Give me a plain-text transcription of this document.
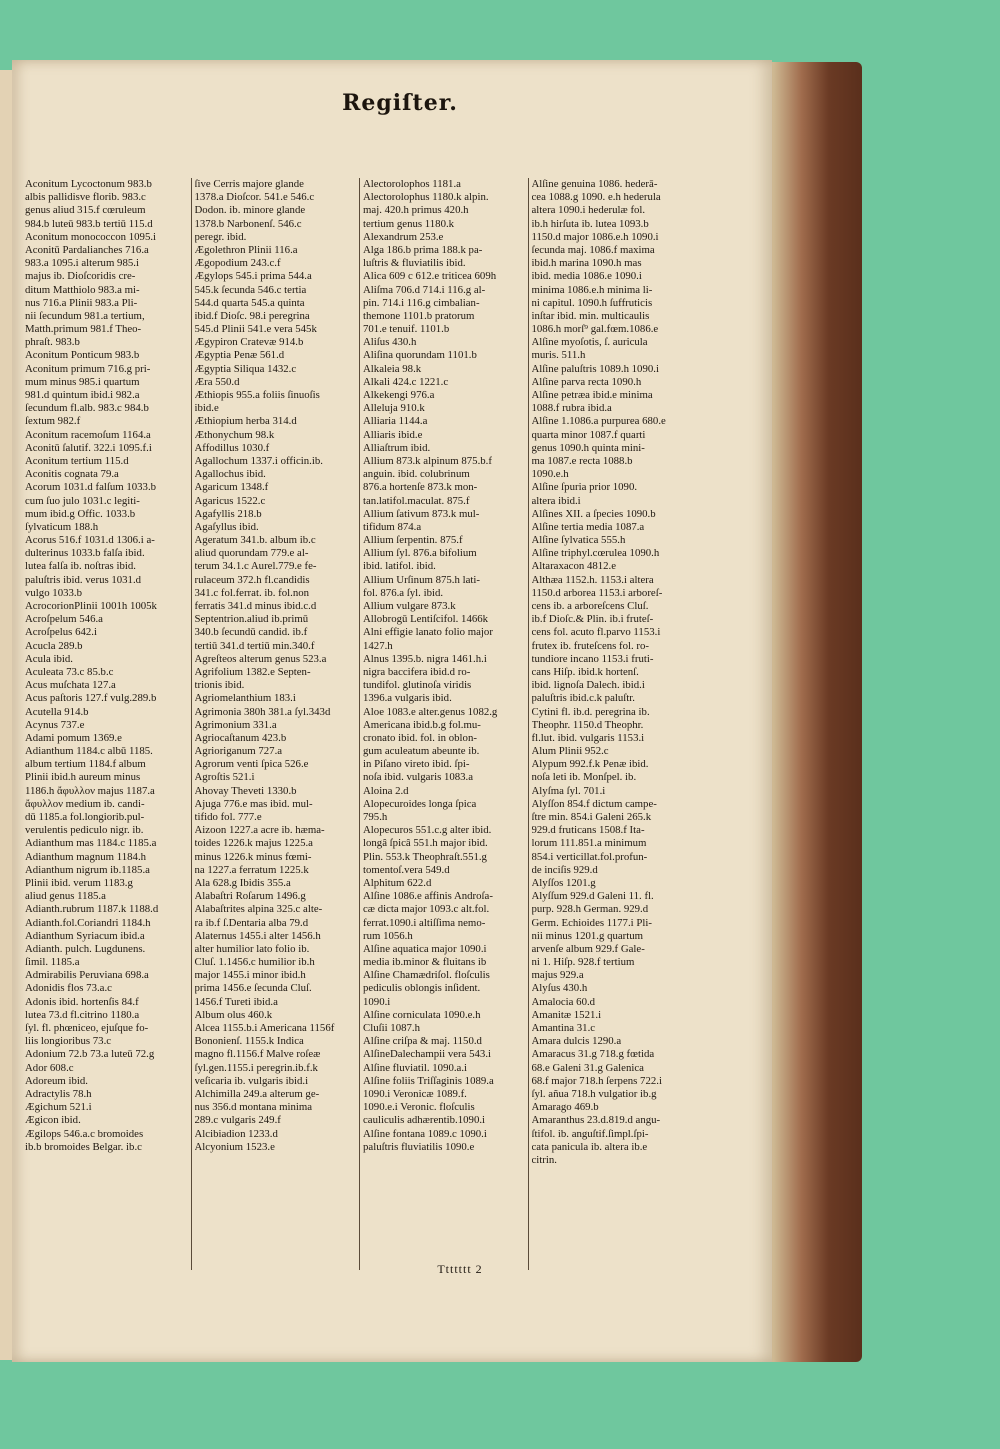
Regiſter.
Aconitum Lycoctonum 983.b
albis pallidisve florib. 983.c
genus aliud 315.f cœruleum
984.b luteū 983.b tertiū 115.d
Aconitum monococcon 1095.i
Aconitū Pardalianches 716.a
983.a 1095.i alterum 985.i
majus ib. Dioſcoridis cre-
ditum Matthiolo 983.a mi-
nus 716.a Plinii 983.a Pli-
nii ſecundum 981.a tertium,
Matth.primum 981.f Theo-
phraſt. 983.b
Aconitum Ponticum 983.b
Aconitum primum 716.g pri-
mum minus 985.i quartum
981.d quintum ibid.i 982.a
ſecundum fl.alb. 983.c 984.b
ſextum 982.f
Aconitum racemoſum 1164.a
Aconitū ſalutif. 322.i 1095.f.i
Aconitum tertium 115.d
Aconitis cognata 79.a
Acorum 1031.d falſum 1033.b
cum ſuo julo 1031.c legiti-
mum ibid.g Offic. 1033.b
ſylvaticum 188.h
Acorus 516.f 1031.d 1306.i a-
dulterinus 1033.b falſa ibid.
lutea falſa ib. noſtras ibid.
paluſtris ibid. verus 1031.d
vulgo 1033.b
AcrocorionPlinii 1001h 1005k
Acroſpelum 546.a
Acroſpelus 642.i
Acucla 289.b
Acula ibid.
Aculeata 73.c 85.b.c
Acus muſchata 127.a
Acus paſtoris 127.f vulg.289.b
Acutella 914.b
Acynus 737.e
Adami pomum 1369.e
Adianthum 1184.c albū 1185.
album tertium 1184.f album
Plinii ibid.h aureum minus
1186.h ἄφυλλον majus 1187.a
ἄφυλλον medium ib. candi-
dū 1185.a fol.longiorib.pul-
verulentis pediculo nigr. ib.
Adianthum mas 1184.c 1185.a
Adianthum magnum 1184.h
Adianthum nigrum ib.1185.a
Plinii ibid. verum 1183.g
aliud genus 1185.a
Adianth.rubrum 1187.k 1188.d
Adianth.fol.Coriandri 1184.h
Adianthum Syriacum ibid.a
Adianth. pulch. Lugdunens.
ſimil. 1185.a
Admirabilis Peruviana 698.a
Adonidis flos 73.a.c
Adonis ibid. hortenſis 84.f
lutea 73.d fl.citrino 1180.a
ſyl. fl. phœniceo, ejuſque fo-
liis longioribus 73.c
Adonium 72.b 73.a luteū 72.g
Ador 608.c
Adoreum ibid.
Adractylis 78.h
Ægichum 521.i
Ægicon ibid.
Ægilops 546.a.c bromoides
ib.b bromoides Belgar. ib.c
ſive Cerris majore glande
1378.a Dioſcor. 541.e 546.c
Dodon. ib. minore glande
1378.b Narbonenſ. 546.c
peregr. ibid.
Ægolethron Plinii 116.a
Ægopodium 243.c.f
Ægylops 545.i prima 544.a
545.k ſecunda 546.c tertia
544.d quarta 545.a quinta
ibid.f Dioſc. 98.i peregrina
545.d Plinii 541.e vera 545k
Ægypiron Cratevæ 914.b
Ægyptia Penæ 561.d
Ægyptia Siliqua 1432.c
Æra 550.d
Æthiopis 955.a foliis ſinuoſis
ibid.e
Æthiopium herba 314.d
Æthonychum 98.k
Affodillus 1030.f
Agallochum 1337.i officin.ib.
Agallochus ibid.
Agaricum 1348.f
Agaricus 1522.c
Agafyllis 218.b
Agaſyllus ibid.
Ageratum 341.b. album ib.c
aliud quorundam 779.e al-
terum 34.1.c Aurel.779.e fe-
rulaceum 372.h fl.candidis
341.c fol.ferrat. ib. fol.non
ferratis 341.d minus ibid.c.d
Septentrion.aliud ib.primū
340.b ſecundū candid. ib.f
tertiū 341.d tertiū min.340.f
Agreſteos alterum genus 523.a
Agrifolium 1382.e Septen-
trionis ibid.
Agriomelanthium 183.i
Agrimonia 380h 381.a ſyl.343d
Agrimonium 331.a
Agriocaſtanum 423.b
Agrioriganum 727.a
Agrorum venti ſpica 526.e
Agroſtis 521.i
Ahovay Theveti 1330.b
Ajuga 776.e mas ibid. mul-
tifido fol. 777.e
Aizoon 1227.a acre ib. hæma-
toides 1226.k majus 1225.a
minus 1226.k minus fœmi-
na 1227.a ferratum 1225.k
Ala 628.g Ibidis 355.a
Alabaſtri Roſarum 1496.g
Alabaſtrites alpina 325.c alte-
ra ib.f ſ.Dentaria alba 79.d
Alaternus 1455.i alter 1456.h
alter humilior lato folio ib.
Cluſ. 1.1456.c humilior ib.h
major 1455.i minor ibid.h
prima 1456.e ſecunda Cluſ.
1456.f Tureti ibid.a
Album olus 460.k
Alcea 1155.b.i Americana 1156f
Bononienſ. 1155.k Indica
magno fl.1156.f Malve roſeæ
ſyl.gen.1155.i peregrin.ib.f.k
veſicaria ib. vulgaris ibid.i
Alchimilla 249.a alterum ge-
nus 356.d montana minima
289.c vulgaris 249.f
Alcibiadion 1233.d
Alcyonium 1523.e
Alectorolophos 1181.a
Alectorolophus 1180.k alpin.
maj. 420.h primus 420.h
tertium genus 1180.k
Alexandrum 253.e
Alga 186.b prima 188.k pa-
luſtris & fluviatilis ibid.
Alica 609 c 612.e triticea 609h
Aliſma 706.d 714.i 116.g al-
pin. 714.i 116.g cimbalian-
themone 1101.b pratorum
701.e tenuif. 1101.b
Aliſus 430.h
Aliſina quorundam 1101.b
Alkaleia 98.k
Alkali 424.c 1221.c
Alkekengi 976.a
Alleluja 910.k
Alliaria 1144.a
Alliaris ibid.e
Alliaſtrum ibid.
Allium 873.k alpinum 875.b.f
anguin. ibid. colubrinum
876.a hortenſe 873.k mon-
tan.latifol.maculat. 875.f
Allium ſativum 873.k mul-
tifidum 874.a
Allium ſerpentin. 875.f
Allium ſyl. 876.a bifolium
ibid. latifol. ibid.
Allium Urſinum 875.h lati-
fol. 876.a ſyl. ibid.
Allium vulgare 873.k
Allobrogū Lentiſcifol. 1466k
Alni effigie lanato folio major
1427.h
Alnus 1395.b. nigra 1461.h.i
nigra baccifera ibid.d ro-
tundifol. glutinoſa viridis
1396.a vulgaris ibid.
Aloe 1083.e alter.genus 1082.g
Americana ibid.b.g fol.mu-
cronato ibid. fol. in oblon-
gum aculeatum abeunte ib.
in Piſano vireto ibid. ſpi-
noſa ibid. vulgaris 1083.a
Aloina 2.d
Alopecuroides longa ſpica
795.h
Alopecuros 551.c.g alter ibid.
longâ ſpicâ 551.h major ibid.
Plin. 553.k Theophraſt.551.g
tomentoſ.vera 549.d
Alphitum 622.d
Alſine 1086.e affinis Androſa-
cæ dicta major 1093.c alt.fol.
ferrat.1090.i altiſſima nemo-
rum 1056.h
Alſine aquatica major 1090.i
media ib.minor & fluitans ib
Alſine Chamædriſol. floſculis
pediculis oblongis inſident.
1090.i
Alſine corniculata 1090.e.h
Cluſii 1087.h
Alſine criſpa & maj. 1150.d
AlſineDalechampii vera 543.i
Alſine fluviatil. 1090.a.i
Alſine foliis Triſſaginis 1089.a
1090.i Veronicæ 1089.f.
1090.e.i Veronic. floſculis
cauliculis adhærentib.1090.i
Alſine fontana 1089.c 1090.i
paluſtris fluviatilis 1090.e
Alſine genuina 1086. hederā-
cea 1088.g 1090. e.h hederula
altera 1090.i hederulæ fol.
ib.h hirſuta ib. lutea 1093.b
1150.d major 1086.e.h 1090.i
ſecunda maj. 1086.f maxima
ibid.h marina 1090.h mas
ibid. media 1086.e 1090.i
minima 1086.e.h minima li-
ni capitul. 1090.h ſuffruticis
inſtar ibid. min. multicaulis
1086.h morſ⁹ gal.fœm.1086.e
Alſine myoſotis, ſ. auricula
muris. 511.h
Alſine paluſtris 1089.h 1090.i
Alſine parva recta 1090.h
Alſine petræa ibid.e minima
1088.f rubra ibid.a
Alſine 1.1086.a purpurea 680.e
quarta minor 1087.f quarti
genus 1090.h quinta mini-
ma 1087.e recta 1088.b
1090.e.h
Alſine ſpuria prior 1090.
altera ibid.i
Alſines XII. a ſpecies 1090.b
Alſine tertia media 1087.a
Alſine ſylvatica 555.h
Alſine triphyl.cœrulea 1090.h
Altaraxacon 4812.e
Althæa 1152.h. 1153.i altera
1150.d arborea 1153.i arboreſ-
cens ib. a arboreſcens Cluſ.
ib.f Dioſc.& Plin. ib.i fruteſ-
cens fol. acuto fl.parvo 1153.i
frutex ib. fruteſcens fol. ro-
tundiore incano 1153.i fruti-
cans Hiſp. ibid.k hortenſ.
ibid. lignoſa Dalech. ibid.i
paluſtris ibid.c.k paluſtr.
Cytini fl. ib.d. peregrina ib.
Theophr. 1150.d Theophr.
fl.lut. ibid. vulgaris 1153.i
Alum Plinii 952.c
Alypum 992.f.k Penæ ibid.
noſa leti ib. Monſpel. ib.
Alyſma ſyl. 701.i
Alyſſon 854.f dictum campe-
ſtre min. 854.i Galeni 265.k
929.d fruticans 1508.f Ita-
lorum 111.851.a minimum
854.i verticillat.fol.profun-
de inciſis 929.d
Alyſſos 1201.g
Alyſſum 929.d Galeni 11. fl.
purp. 928.h German. 929.d
Germ. Echioides 1177.i Pli-
nii minus 1201.g quartum
arvenſe album 929.f Gale-
ni 1. Hiſp. 928.f tertium
majus 929.a
Alyſus 430.h
Amalocia 60.d
Amanitæ 1521.i
Amantina 31.c
Amara dulcis 1290.a
Amaracus 31.g 718.g fœtida
68.e Galeni 31.g Galenica
68.f major 718.h ſerpens 722.i
ſyl. añua 718.h vulgatior ib.g
Amarago 469.b
Amaranthus 23.d.819.d angu-
ſtifol. ib. anguſtif.ſimpl.ſpi-
cata panicula ib. altera ib.e
citrin.
Ttttttt 2
